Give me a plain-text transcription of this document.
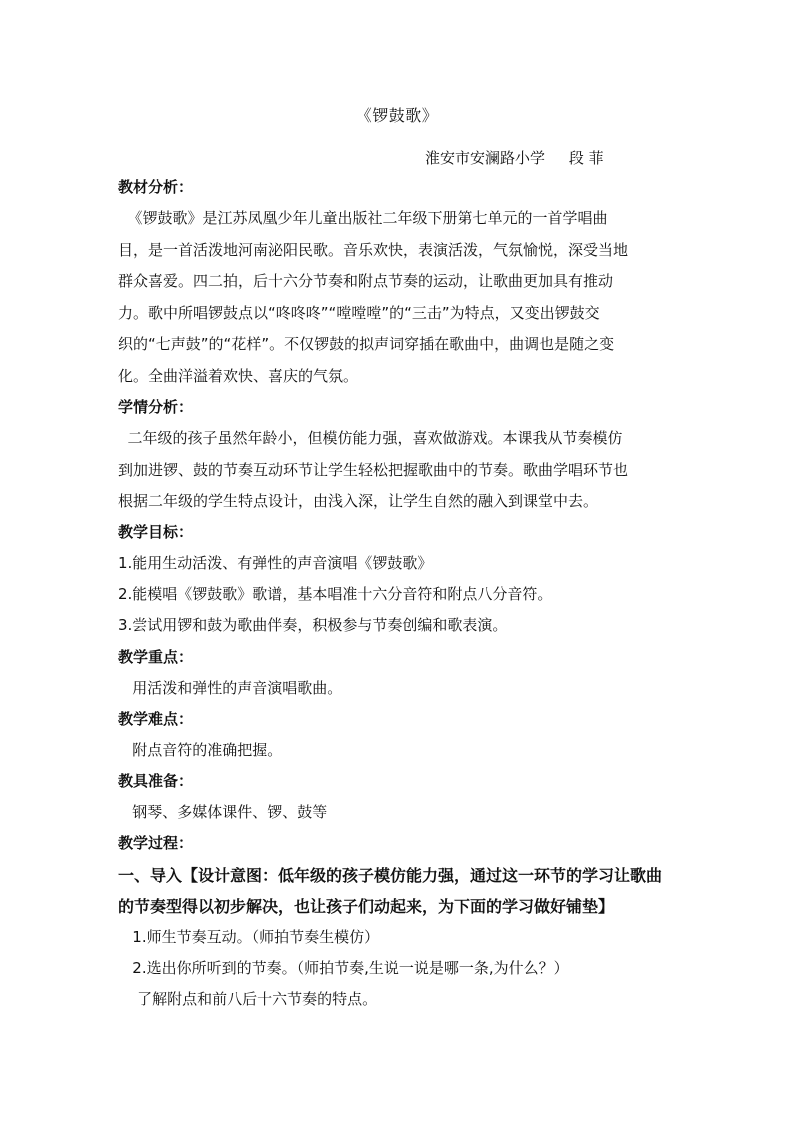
《锣鼓歌》
淮安市安澜路小学     段 菲
教材分析：
《锣鼓歌》是江苏凤凰少年儿童出版社二年级下册第七单元的一首学唱曲
目，是一首活泼地河南泌阳民歌。音乐欢快，表演活泼，气氛愉悦，深受当地
群众喜爱。四二拍，后十六分节奏和附点节奏的运动，让歌曲更加具有推动
力。歌中所唱锣鼓点以“咚咚咚”“嘡嘡嘡”的“三击”为特点，又变出锣鼓交
织的“七声鼓”的“花样”。不仅锣鼓的拟声词穿插在歌曲中，曲调也是随之变
化。全曲洋溢着欢快、喜庆的气氛。
学情分析：
二年级的孩子虽然年龄小，但模仿能力强，喜欢做游戏。本课我从节奏模仿
到加进锣、鼓的节奏互动环节让学生轻松把握歌曲中的节奏。歌曲学唱环节也
根据二年级的学生特点设计，由浅入深，让学生自然的融入到课堂中去。
教学目标：
1.能用生动活泼、有弹性的声音演唱《锣鼓歌》
2.能模唱《锣鼓歌》歌谱，基本唱准十六分音符和附点八分音符。
3.尝试用锣和鼓为歌曲伴奏，积极参与节奏创编和歌表演。
教学重点：
用活泼和弹性的声音演唱歌曲。
教学难点：
附点音符的准确把握。
教具准备：
钢琴、多媒体课件、锣、鼓等
教学过程：
一、导入【设计意图：低年级的孩子模仿能力强，通过这一环节的学习让歌曲
的节奏型得以初步解决，也让孩子们动起来，为下面的学习做好铺垫】
1.师生节奏互动。（师拍节奏生模仿）
2.选出你所听到的节奏。（师拍节奏,生说一说是哪一条,为什么？）
了解附点和前八后十六节奏的特点。
